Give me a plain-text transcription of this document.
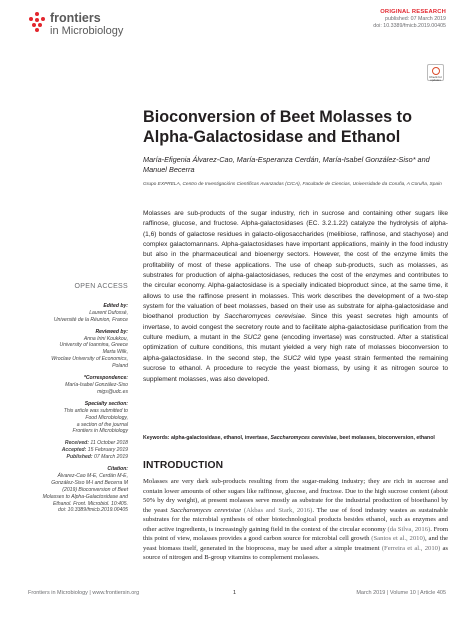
frontiers
in Microbiology
ORIGINAL RESEARCH
published: 07 March 2019
doi: 10.3389/fmicb.2019.00405
Check for updates
Bioconversion of Beet Molasses to Alpha-Galactosidase and Ethanol
María-Efigenia Álvarez-Cao, María-Esperanza Cerdán, María-Isabel González-Siso* and Manuel Becerra
Grupo EXPRELA, Centro de Investigacións Científicas Avanzadas (CICA), Facultade de Ciencias, Universidade da Coruña, A Coruña, Spain
Molasses are sub-products of the sugar industry, rich in sucrose and containing other sugars like raffinose, glucose, and fructose. Alpha-galactosidases (EC. 3.2.1.22) catalyze the hydrolysis of alpha-(1,6) bonds of galactose residues in galacto-oligosaccharides (melibiose, raffinose, and stachyose) and complex galactomannans. Alpha-galactosidases have important applications, mainly in the food industry but also in the pharmaceutical and bioenergy sectors. However, the cost of the enzyme limits the profitability of most of these applications. The use of cheap sub-products, such as molasses, as substrates for production of alpha-galactosidases, reduces the cost of the enzymes and contributes to the circular economy. Alpha-galactosidase is a specially indicated bioproduct since, at the same time, it allows to use the raffinose present in molasses. This work describes the development of a two-step system for the valuation of beet molasses, based on their use as substrate for alpha-galactosidase and bioethanol production by Saccharomyces cerevisiae. Since this yeast secretes high amounts of invertase, to avoid congest the secretory route and to facilitate alpha-galactosidase purification from the culture medium, a mutant in the SUC2 gene (encoding invertase) was constructed. After a statistical optimization of culture conditions, this mutant yielded a very high rate of molasses bioconversion to alpha-galactosidase. In the second step, the SUC2 wild type yeast strain fermented the remaining sucrose to ethanol. A procedure to recycle the yeast biomass, by using it as nitrogen source to supplement molasses, was also developed.
Keywords: alpha-galactosidase, ethanol, invertase, Saccharomyces cerevisiae, beet molasses, bioconversion, ethanol
INTRODUCTION
Molasses are very dark sub-products resulting from the sugar-making industry; they are rich in sucrose and contain lower amounts of other sugars like raffinose, glucose, and fructose. Due to the high sucrose content (about 50% by dry weight), at present molasses serve mostly as substrate for the industrial production of bioethanol by the yeast Saccharomyces cerevisiae (Akbas and Stark, 2016). The use of food industry wastes as sustainable substrates for the microbial synthesis of other biotechnological products besides ethanol, such as enzymes and other active ingredients, is increasingly gaining field in the context of the circular economy (da Silva, 2016). From this point of view, molasses provides a good carbon source for microbial cell growth (Santos et al., 2010), and the yeast biomass itself, generated in the bioprocess, may be used after a simple treatment (Ferreira et al., 2010) as source of nitrogen and B-group vitamins to complement molasses.
OPEN ACCESS
Edited by:
Laurent Dufossé,
Université de la Réunion, France
Reviewed by:
Anna Irini Koukkou,
University of Ioannina, Greece
Marta Wilk,
Wroclaw University of Economics,
Poland
*Correspondence:
María-Isabel González-Siso
migs@udc.es
Specialty section:
This article was submitted to
Food Microbiology,
a section of the journal
Frontiers in Microbiology
Received: 11 October 2018
Accepted: 15 February 2019
Published: 07 March 2019
Citation:
Álvarez-Cao M-E, Cerdán M-E,
González-Siso M-I and Becerra M
(2019) Bioconversion of Beet
Molasses to Alpha-Galactosidase and
Ethanol. Front. Microbiol. 10:405.
doi: 10.3389/fmicb.2019.00405
Frontiers in Microbiology | www.frontiersin.org	1	March 2019 | Volume 10 | Article 405
